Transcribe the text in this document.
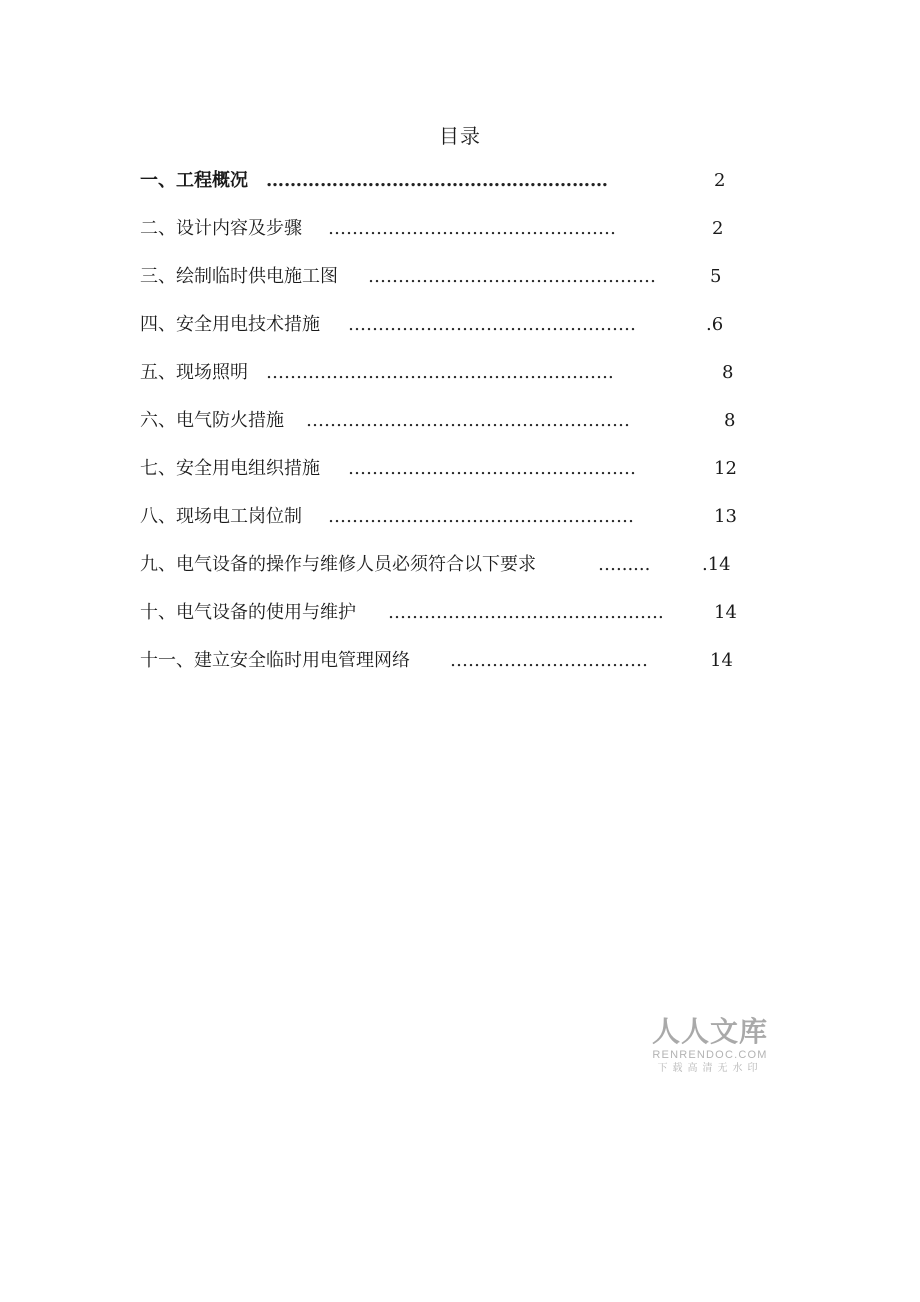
目录
一、工程概况 …………………………………………………	2
二、设计内容及步骤 …………………………………………	2
三、绘制临时供电施工图 …………………………………………	5
四、安全用电技术措施 …………………………………………	.6
五、现场照明 ………………………………………………….	8
六、电气防火措施 ………………………………………………	8
七、安全用电组织措施 …………………………………………	12
八、现场电工岗位制 ……………………………………………	13
九、电气设备的操作与维修人员必须符合以下要求	…......	.14
十、电气设备的使用与维护 ……………………………………….	14
十一、建立安全临时用电管理网络 ……………………………	14
人人文库
RENRENDOC.COM
下载高清无水印
